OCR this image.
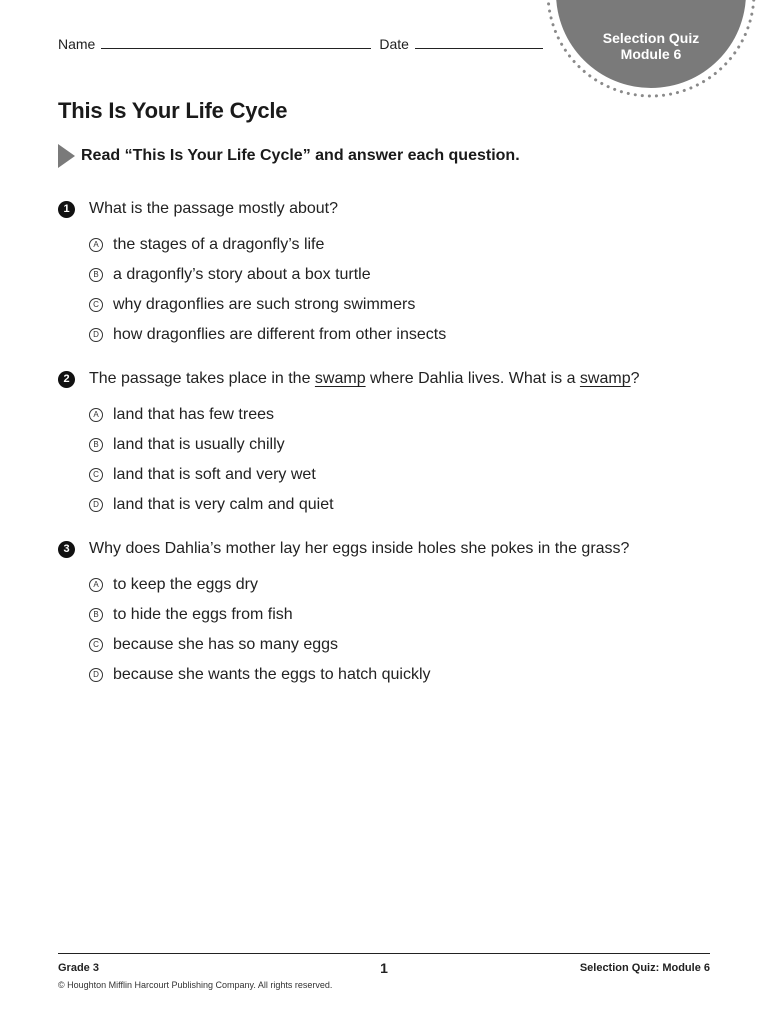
Name	Date	Selection Quiz
Module 6
This Is Your Life Cycle
Read “This Is Your Life Cycle” and answer each question.
1	What is the passage mostly about?
A the stages of a dragonfly’s life
B a dragonfly’s story about a box turtle
C why dragonflies are such strong swimmers
D how dragonflies are different from other insects
2	The passage takes place in the swamp where Dahlia lives. What is a swamp?
A land that has few trees
B land that is usually chilly
C land that is soft and very wet
D land that is very calm and quiet
3	Why does Dahlia’s mother lay her eggs inside holes she pokes in the grass?
A to keep the eggs dry
B to hide the eggs from fish
C because she has so many eggs
D because she wants the eggs to hatch quickly
Grade 3
© Houghton Mifflin Harcourt Publishing Company. All rights reserved.
1	Selection Quiz: Module 6
